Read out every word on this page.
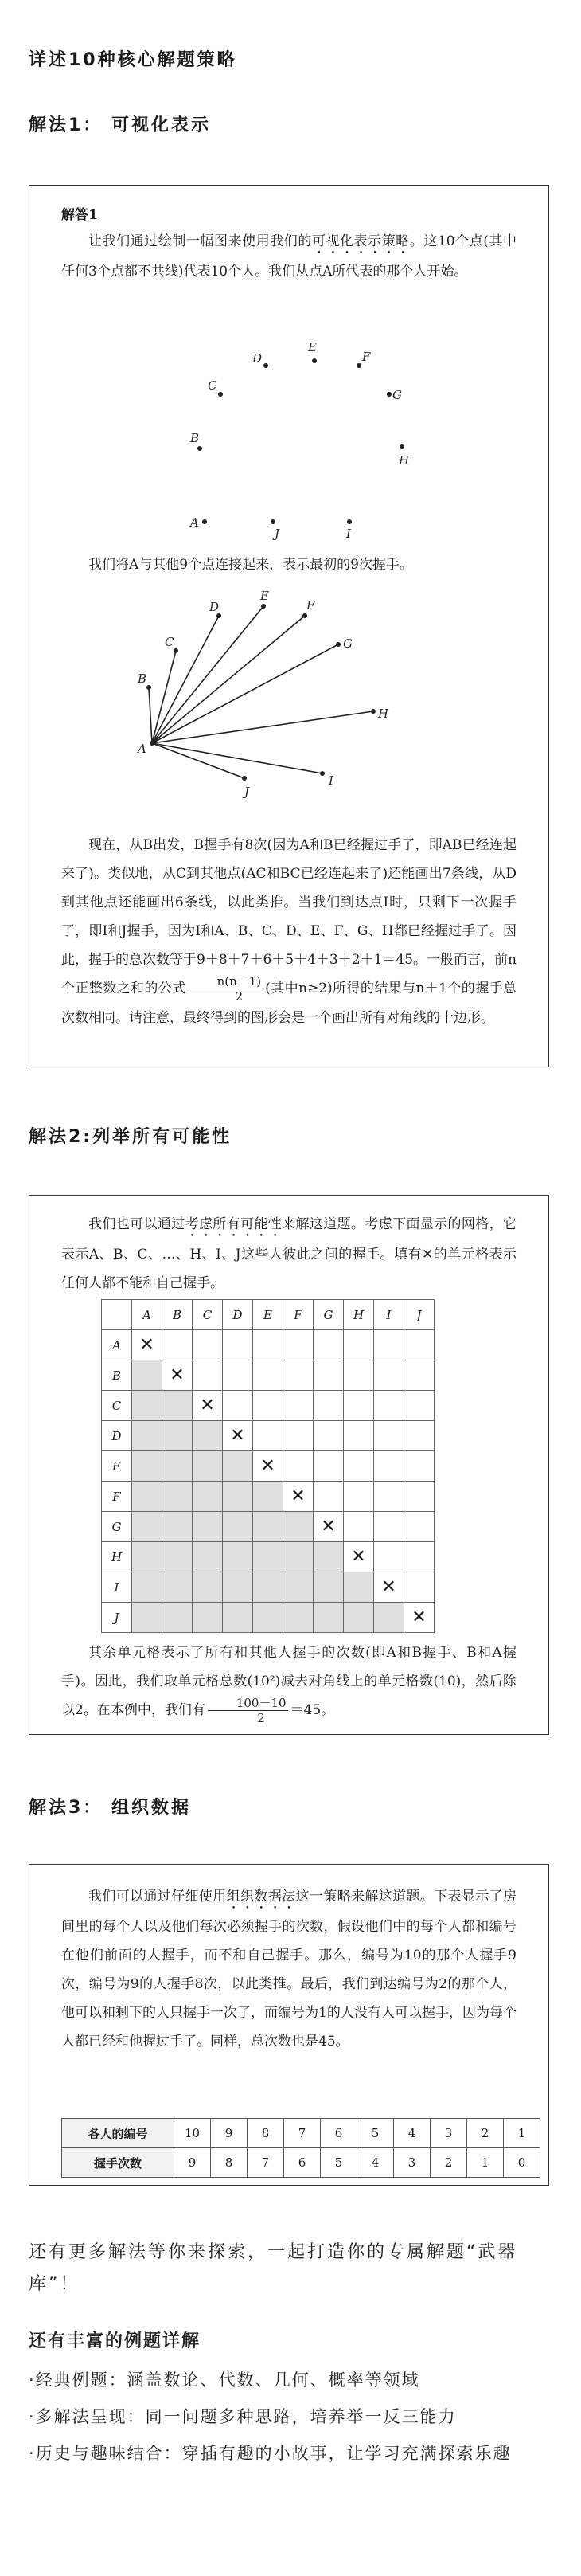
详述10种核心解题策略
解法1： 可视化表示
解答1

让我们通过绘制一幅图来使用我们的可视化表示策略。这10个点(其中任何3个点都不共线)代表10个人。我们从点A所代表的那个人开始。

A
B
C
D
E
F
G
H
I
J

我们将A与其他9个点连接起来，表示最初的9次握手。

A
B
C
D
E
F
G
H
I
J

现在，从B出发，B握手有8次(因为A和B已经握过手了，即AB已经连起来了)。类似地，从C到其他点(AC和BC已经连起来了)还能画出7条线，从D到其他点还能画出6条线，以此类推。当我们到达点I时，只剩下一次握手了，即I和J握手，因为I和A、B、C、D、E、F、G、H都已经握过手了。因此，握手的总次数等于9＋8＋7＋6＋5＋4＋3＋2＋1＝45。一般而言，前n个正整数之和的公式 $\frac{n(n-1)}{2}$ (其中n≥2)所得的结果与n＋1个的握手总次数相同。请注意，最终得到的图形会是一个画出所有对角线的十边形。

解法2:列举所有可能性

我们也可以通过考虑所有可能性来解这道题。考虑下面显示的网格，它表示A、B、C、…、H、I、J这些人彼此之间的握手。填有✕的单元格表示任何人都不能和自己握手。

	A	B	C	D	E	F	G	H	I	J
A	✕									
B		✕								
C			✕							
D				✕						
E					✕					
F						✕				
G							✕			
H								✕		
I									✕	
J										✕

其余单元格表示了所有和其他人握手的次数(即A和B握手、B和A握手)。因此，我们取单元格总数(10²)减去对角线上的单元格数(10)，然后除以2。在本例中，我们有 $\frac{100-10}{2} =45$。

解法3： 组织数据

我们可以通过仔细使用组织数据法这一策略来解这道题。下表显示了房间里的每个人以及他们每次必须握手的次数，假设他们中的每个人都和编号在他们前面的人握手，而不和自己握手。那么，编号为10的那个人握手9次，编号为9的人握手8次，以此类推。最后，我们到达编号为2的那个人，他可以和剩下的人只握手一次了，而编号为1的人没有人可以握手，因为每个人都已经和他握过手了。同样，总次数也是45。

各人的编号	10	9	8	7	6	5	4	3	2	1
握手次数	9	8	7	6	5	4	3	2	1	0
还有更多解法等你来探索，一起打造你的专属解题“武器库”！
还有丰富的例题详解
·经典例题：涵盖数论、代数、几何、概率等领域
·多解法呈现：同一问题多种思路，培养举一反三能力
·历史与趣味结合：穿插有趣的小故事，让学习充满探索乐趣
